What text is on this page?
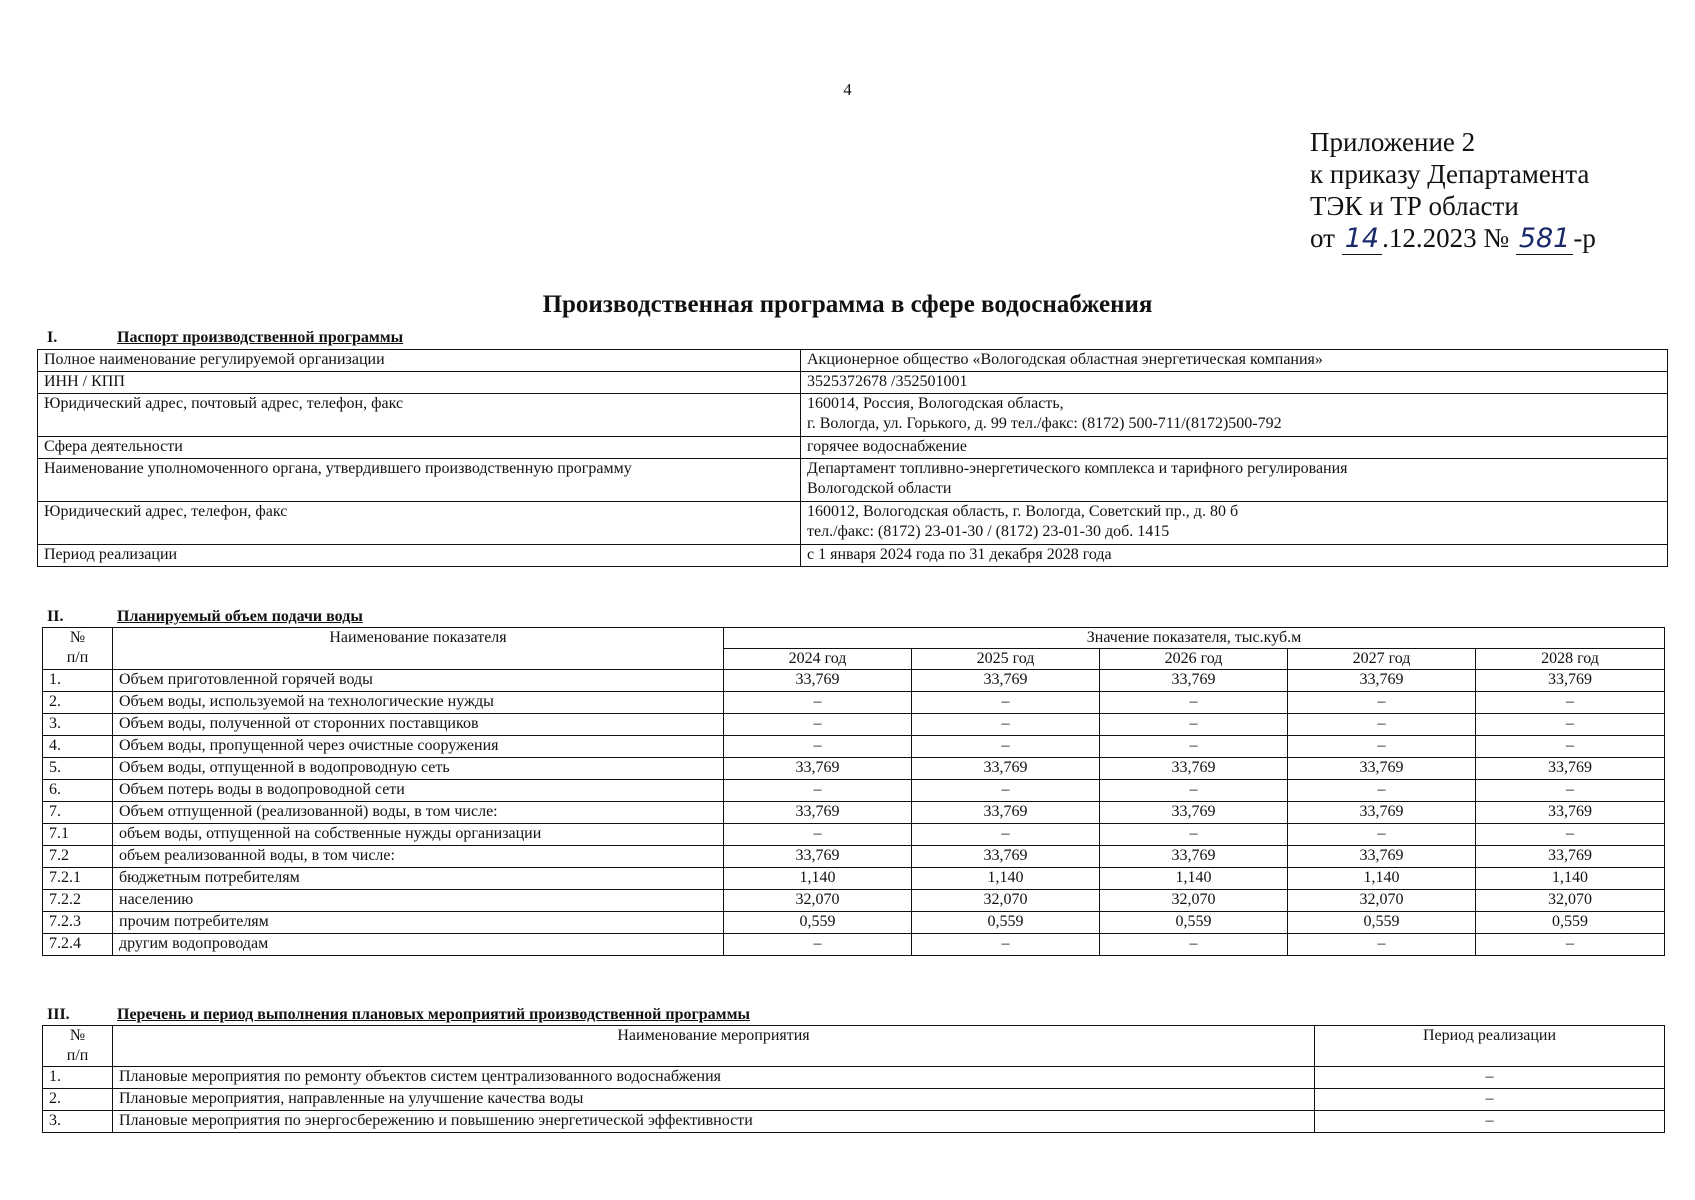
4
Приложение 2
к приказу Департамента
ТЭК и ТР области
от 14 .12.2023 № 581 -р
Производственная программа в сфере водоснабжения
I.	Паспорт производственной программы
Полное наименование регулируемой организации	Акционерное общество «Вологодская областная энергетическая компания»

ИНН / КПП	3525372678 /352501001

Юридический адрес, почтовый адрес, телефон, факс	160014, Россия, Вологодская область,
г. Вологда, ул. Горького, д. 99 тел./факс: (8172) 500-711/(8172)500-792

Сфера деятельности	горячее водоснабжение

Наименование уполномоченного органа, утвердившего производственную программу	Департамент топливно-энергетического комплекса и тарифного регулирования
Вологодской области

Юридический адрес, телефон, факс	160012, Вологодская область, г. Вологда, Советский пр., д. 80 б
тел./факс: (8172) 23-01-30 / (8172) 23-01-30 доб. 1415

Период реализации	с 1 января 2024 года по 31 декабря 2028 года
II.	Планируемый объем подачи воды
№
п/п	Наименование показателя	Значение показателя, тыс.куб.м				
		2024 год	2025 год	2026 год	2027 год	2028 год
1.	Объем приготовленной горячей воды	33,769	33,769	33,769	33,769	33,769
2.	Объем воды, используемой на технологические нужды	–	–	–	–	–
3.	Объем воды, полученной от сторонних поставщиков	–	–	–	–	–
4.	Объем воды, пропущенной через очистные сооружения	–	–	–	–	–
5.	Объем воды, отпущенной в водопроводную сеть	33,769	33,769	33,769	33,769	33,769
6.	Объем потерь воды в водопроводной сети	–	–	–	–	–
7.	Объем отпущенной (реализованной) воды, в том числе:	33,769	33,769	33,769	33,769	33,769
7.1	объем воды, отпущенной на собственные нужды организации	–	–	–	–	–
7.2	объем реализованной воды, в том числе:	33,769	33,769	33,769	33,769	33,769
7.2.1	бюджетным потребителям	1,140	1,140	1,140	1,140	1,140
7.2.2	населению	32,070	32,070	32,070	32,070	32,070
7.2.3	прочим потребителям	0,559	0,559	0,559	0,559	0,559
7.2.4	другим водопроводам	–	–	–	–	–
III.	Перечень и период выполнения плановых мероприятий производственной программы
№
п/п	Наименование мероприятия	Период реализации
1.	Плановые мероприятия по ремонту объектов систем централизованного водоснабжения	–
2.	Плановые мероприятия, направленные на улучшение качества воды	–
3.	Плановые мероприятия по энергосбережению и повышению энергетической эффективности	–
